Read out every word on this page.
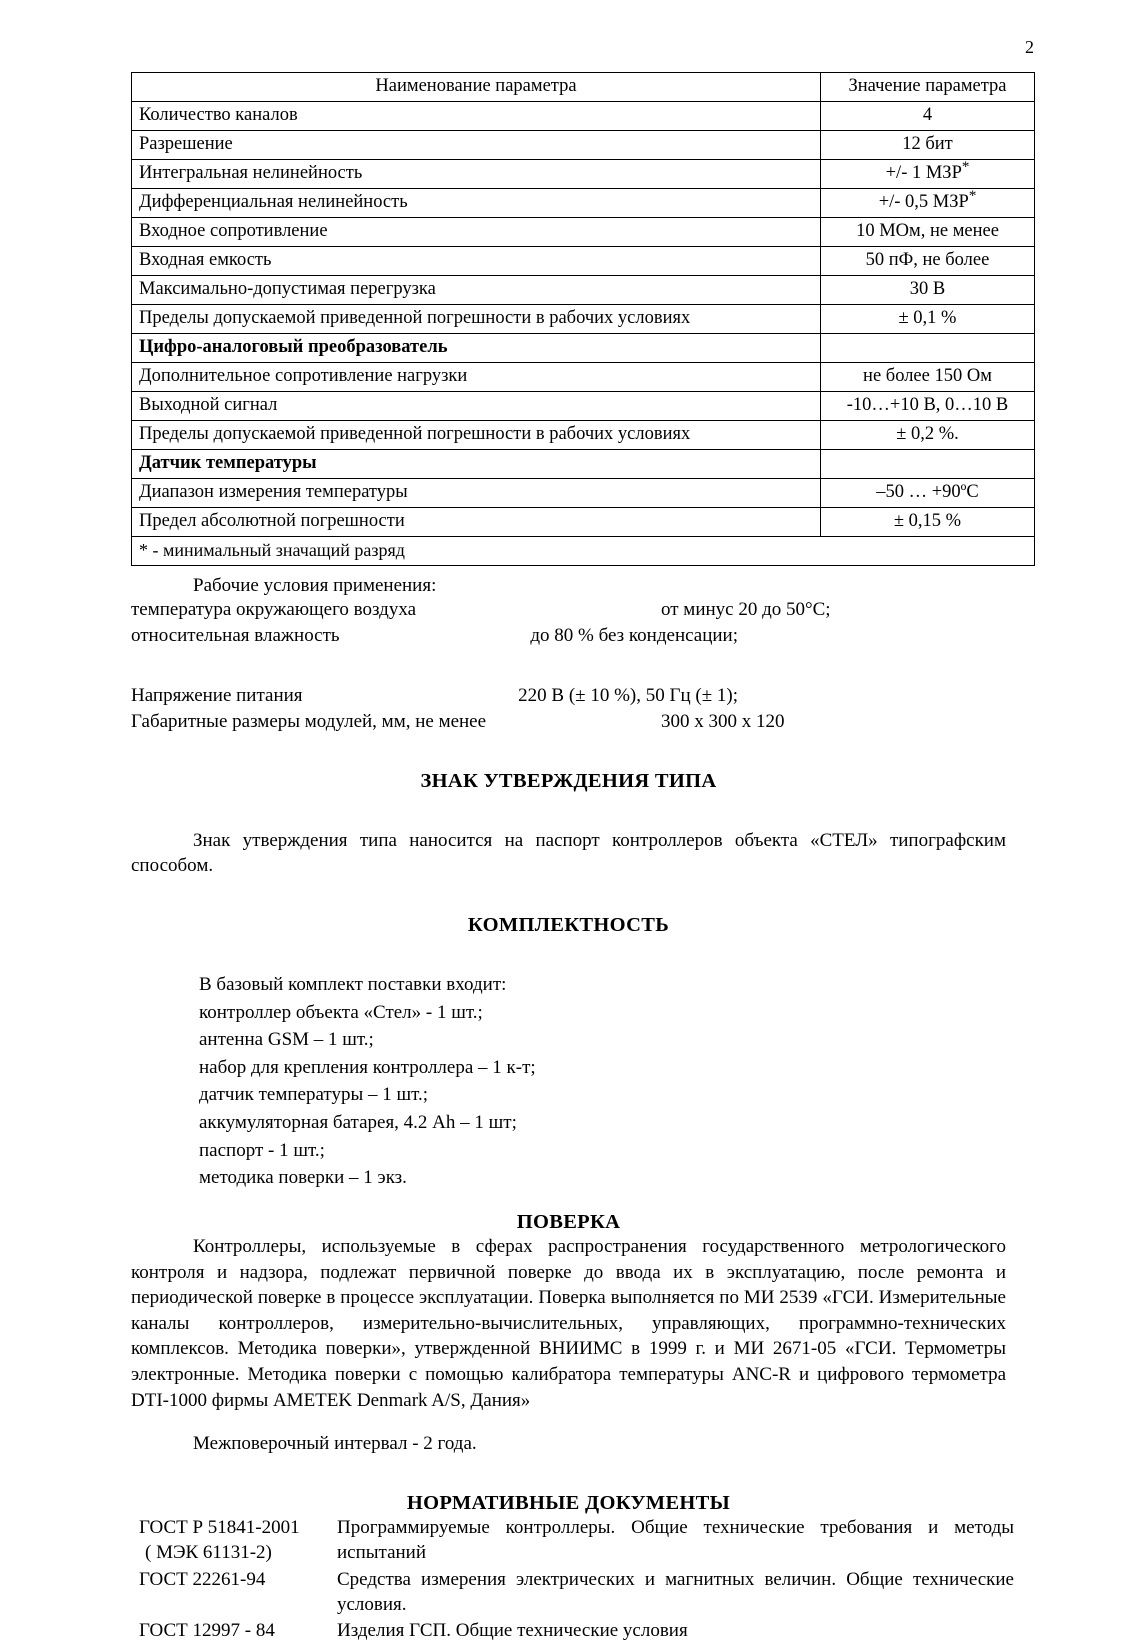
2
Наименование параметра	Значение параметра
Количество каналов	4
Разрешение	12 бит
Интегральная нелинейность	+/- 1 МЗР*
Дифференциальная нелинейность	+/- 0,5 МЗР*
Входное сопротивление	10 МОм, не менее
Входная емкость	50 пФ, не более
Максимально-допустимая перегрузка	30 В
Пределы допускаемой приведенной погрешности в рабочих условиях	± 0,1 %
Цифро-аналоговый преобразователь	
Дополнительное сопротивление нагрузки	не более 150 Ом
Выходной сигнал	-10…+10 В, 0…10 В
Пределы допускаемой приведенной погрешности в рабочих условиях	± 0,2 %.
Датчик температуры	
Диапазон измерения температуры	–50 … +90ºС
Предел абсолютной погрешности	± 0,15 %
* - минимальный значащий разряд	
Рабочие условия применения:
температура окружающего воздуха	от минус 20 до 50°С;
относительная влажность	до 80 % без конденсации;
Напряжение питания	220 В (± 10 %), 50 Гц (± 1);
Габаритные размеры модулей, мм, не менее	300 х 300 х 120
ЗНАК УТВЕРЖДЕНИЯ ТИПА

Знак утверждения типа наносится на паспорт контроллеров объекта «СТЕЛ» типографским способом.

КОМПЛЕКТНОСТЬ
В базовый комплект поставки входит:
контроллер объекта «Стел» - 1 шт.;
антенна GSM – 1 шт.;
набор для крепления контроллера – 1 к-т;
датчик температуры – 1 шт.;
аккумуляторная батарея, 4.2 Ah – 1 шт;
паспорт - 1 шт.;
методика поверки – 1 экз.
ПОВЕРКА

Контроллеры, используемые в сферах распространения государственного метрологического контроля и надзора, подлежат первичной поверке до ввода их в эксплуатацию, после ремонта и периодической поверке в процессе эксплуатации. Поверка выполняется по МИ 2539 «ГСИ. Измерительные каналы контроллеров, измерительно-вычислительных, управляющих, программно-технических комплексов. Методика поверки», утвержденной ВНИИМС в 1999 г. и МИ 2671-05 «ГСИ. Термометры электронные. Методика поверки с помощью калибратора температуры ANC-R и цифрового термометра DTI-1000 фирмы AMETEK Denmark A/S, Дания»

Межповерочный интервал - 2 года.

НОРМАТИВНЫЕ ДОКУМЕНТЫ
ГОСТ Р 51841-2001
( МЭК 61131-2)	Программируемые контроллеры. Общие технические требования и методы испытаний
ГОСТ 22261-94	Средства измерения электрических и магнитных величин. Общие технические условия.
ГОСТ 12997 - 84	Изделия ГСП. Общие технические условия
